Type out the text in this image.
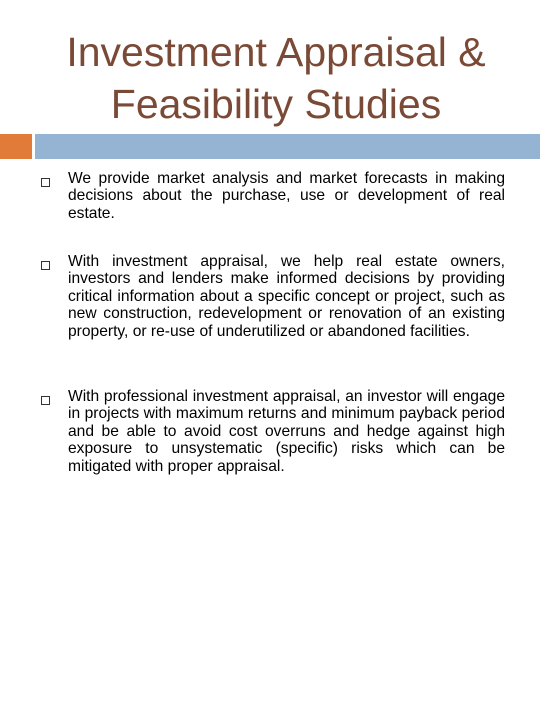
Investment Appraisal &
Feasibility Studies
We provide market analysis and market forecasts in making decisions about the purchase, use or development of real estate.
With investment appraisal, we help real estate owners, investors and lenders make informed decisions by providing critical information about a specific concept or project, such as new construction, redevelopment or renovation of an existing property, or re-use of underutilized or abandoned facilities.
With professional investment appraisal, an investor will engage in projects with maximum returns and minimum payback period and be able to avoid cost overruns and hedge against high exposure to unsystematic (specific) risks which can be mitigated with proper appraisal.
